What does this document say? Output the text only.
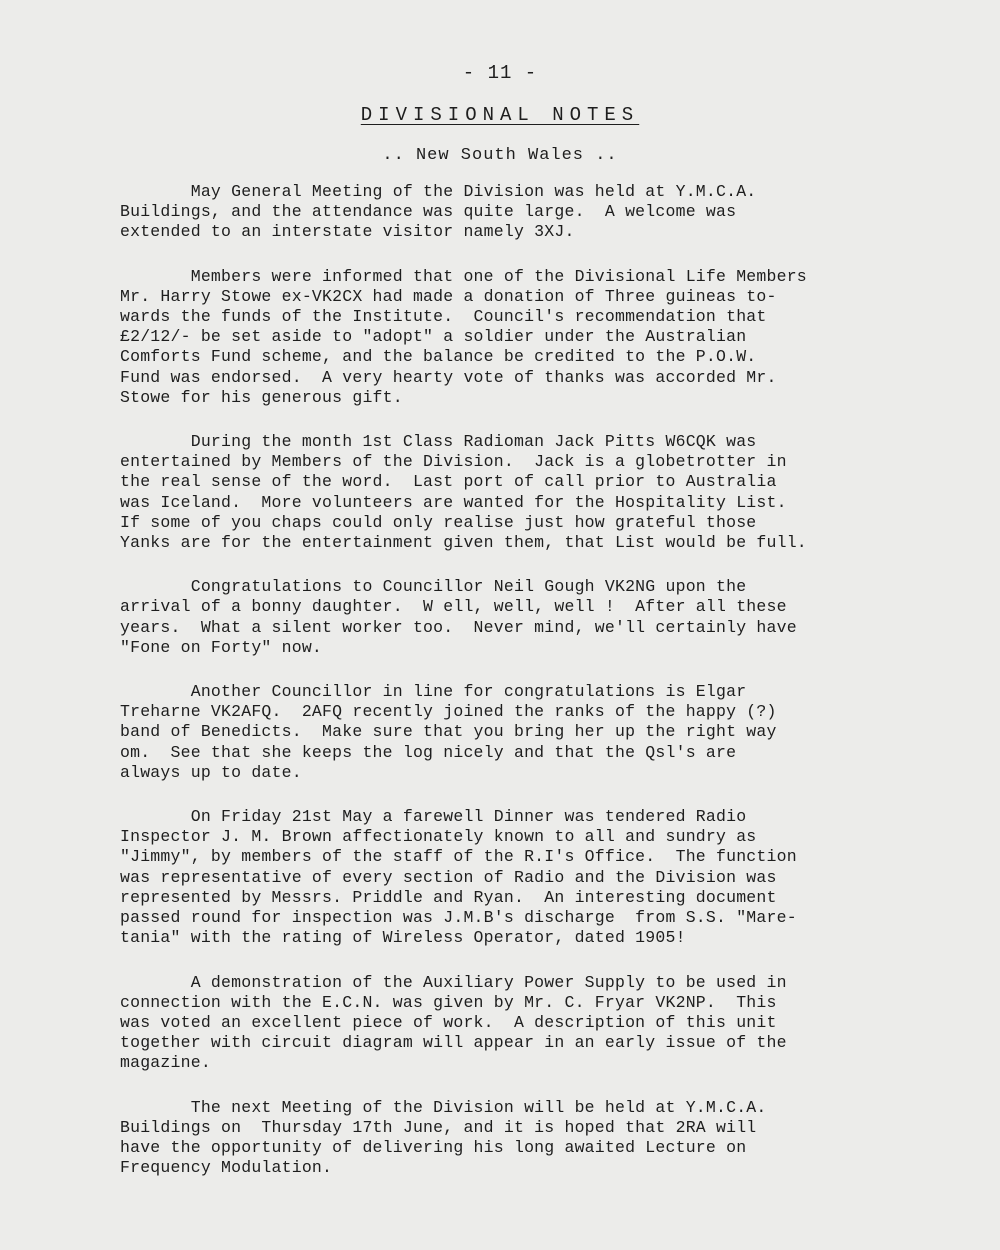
- 11 -
DIVISIONAL NOTES
.. New South Wales ..
May General Meeting of the Division was held at Y.M.C.A.
Buildings, and the attendance was quite large.  A welcome was
extended to an interstate visitor namely 3XJ.
Members were informed that one of the Divisional Life Members
Mr. Harry Stowe ex-VK2CX had made a donation of Three guineas to-
wards the funds of the Institute.  Council's recommendation that
£2/12/- be set aside to "adopt" a soldier under the Australian
Comforts Fund scheme, and the balance be credited to the P.O.W.
Fund was endorsed.  A very hearty vote of thanks was accorded Mr.
Stowe for his generous gift.
During the month 1st Class Radioman Jack Pitts W6CQK was
entertained by Members of the Division.  Jack is a globetrotter in
the real sense of the word.  Last port of call prior to Australia
was Iceland.  More volunteers are wanted for the Hospitality List.
If some of you chaps could only realise just how grateful those
Yanks are for the entertainment given them, that List would be full.
Congratulations to Councillor Neil Gough VK2NG upon the
arrival of a bonny daughter.  W ell, well, well !  After all these
years.  What a silent worker too.  Never mind, we'll certainly have
"Fone on Forty" now.
Another Councillor in line for congratulations is Elgar
Treharne VK2AFQ.  2AFQ recently joined the ranks of the happy (?)
band of Benedicts.  Make sure that you bring her up the right way
om.  See that she keeps the log nicely and that the Qsl's are
always up to date.
On Friday 21st May a farewell Dinner was tendered Radio
Inspector J. M. Brown affectionately known to all and sundry as
"Jimmy", by members of the staff of the R.I's Office.  The function
was representative of every section of Radio and the Division was
represented by Messrs. Priddle and Ryan.  An interesting document
passed round for inspection was J.M.B's discharge  from S.S. "Mare-
tania" with the rating of Wireless Operator, dated 1905!
A demonstration of the Auxiliary Power Supply to be used in
connection with the E.C.N. was given by Mr. C. Fryar VK2NP.  This
was voted an excellent piece of work.  A description of this unit
together with circuit diagram will appear in an early issue of the
magazine.
The next Meeting of the Division will be held at Y.M.C.A.
Buildings on  Thursday 17th June, and it is hoped that 2RA will
have the opportunity of delivering his long awaited Lecture on
Frequency Modulation.
